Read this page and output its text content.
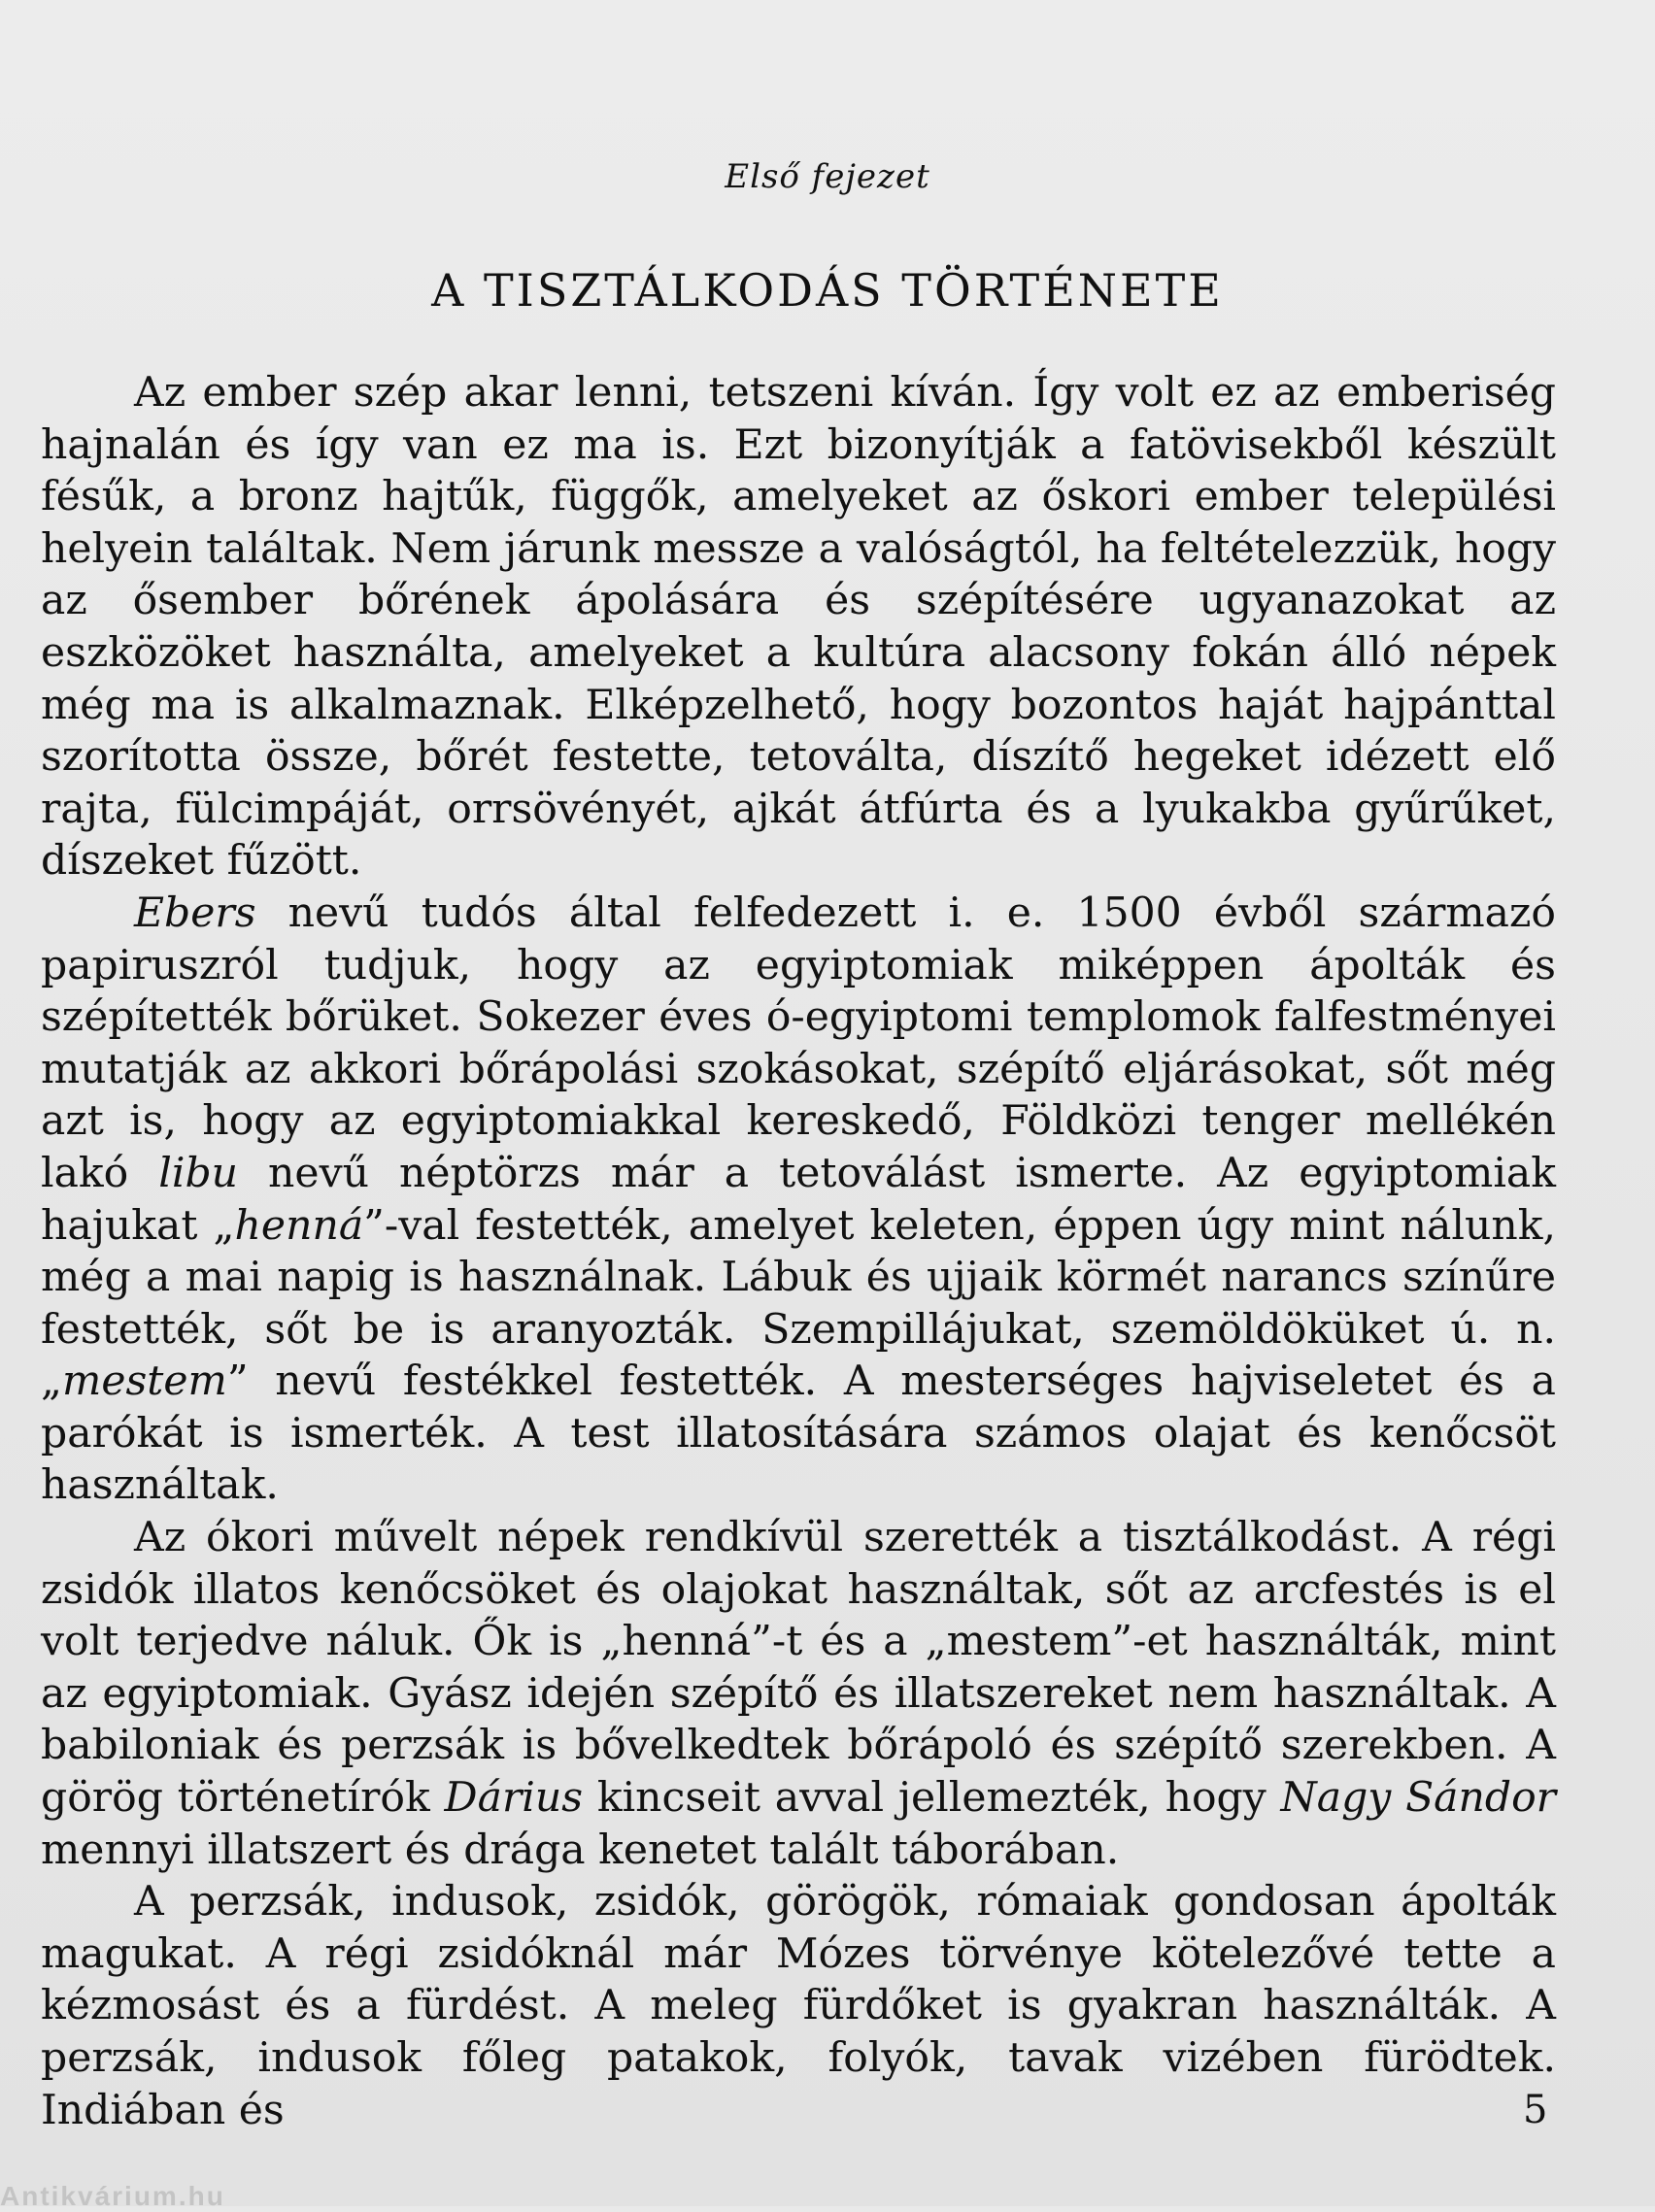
Első fejezet
A TISZTÁLKODÁS TÖRTÉNETE

Az ember szép akar lenni, tetszeni kíván. Így volt ez az emberiség hajnalán és így van ez ma is. Ezt bizonyítják a fatövisekből készült fésűk, a bronz hajtűk, függők, amelyeket az őskori ember települési helyein találtak. Nem járunk messze a valóságtól, ha feltételezzük, hogy az ősember bőrének ápolására és szépítésére ugyanazokat az eszközöket használta, amelyeket a kultúra alacsony fokán álló népek még ma is alkalmaznak. Elképzelhető, hogy bozontos haját hajpánttal szorította össze, bőrét festette, tetoválta, díszítő hegeket idézett elő rajta, fülcimpáját, orrsövényét, ajkát átfúrta és a lyukakba gyűrűket, díszeket fűzött.

Ebers nevű tudós által felfedezett i. e. 1500 évből származó papiruszról tudjuk, hogy az egyiptomiak miképpen ápolták és szépítették bőrüket. Sokezer éves ó-egyiptomi templomok falfestményei mutatják az akkori bőrápolási szokásokat, szépítő eljárásokat, sőt még azt is, hogy az egyiptomiakkal kereskedő, Földközi tenger mellékén lakó libu nevű néptörzs már a tetoválást ismerte. Az egyiptomiak hajukat „henná”-val festették, amelyet keleten, éppen úgy mint nálunk, még a mai napig is használnak. Lábuk és ujjaik körmét narancs színűre festették, sőt be is aranyozták. Szempillájukat, szemöldöküket ú. n. „mestem” nevű festékkel festették. A mesterséges hajviseletet és a parókát is ismerték. A test illatosítására számos olajat és kenőcsöt használtak.

Az ókori művelt népek rendkívül szerették a tisztálkodást. A régi zsidók illatos kenőcsöket és olajokat használtak, sőt az arcfestés is el volt terjedve náluk. Ők is „henná”-t és a „mestem”-et használták, mint az egyiptomiak. Gyász idején szépítő és illatszereket nem használtak. A babiloniak és perzsák is bővelkedtek bőrápoló és szépítő szerekben. A görög történetírók Dárius kincseit avval jellemezték, hogy Nagy Sándor mennyi illatszert és drága kenetet talált táborában.

A perzsák, indusok, zsidók, görögök, rómaiak gondosan ápolták magukat. A régi zsidóknál már Mózes törvénye kötelezővé tette a kézmosást és a fürdést. A meleg fürdőket is gyakran használták. A perzsák, indusok főleg patakok, folyók, tavak vizében fürödtek. Indiában és	5
Antikvárium.hu
